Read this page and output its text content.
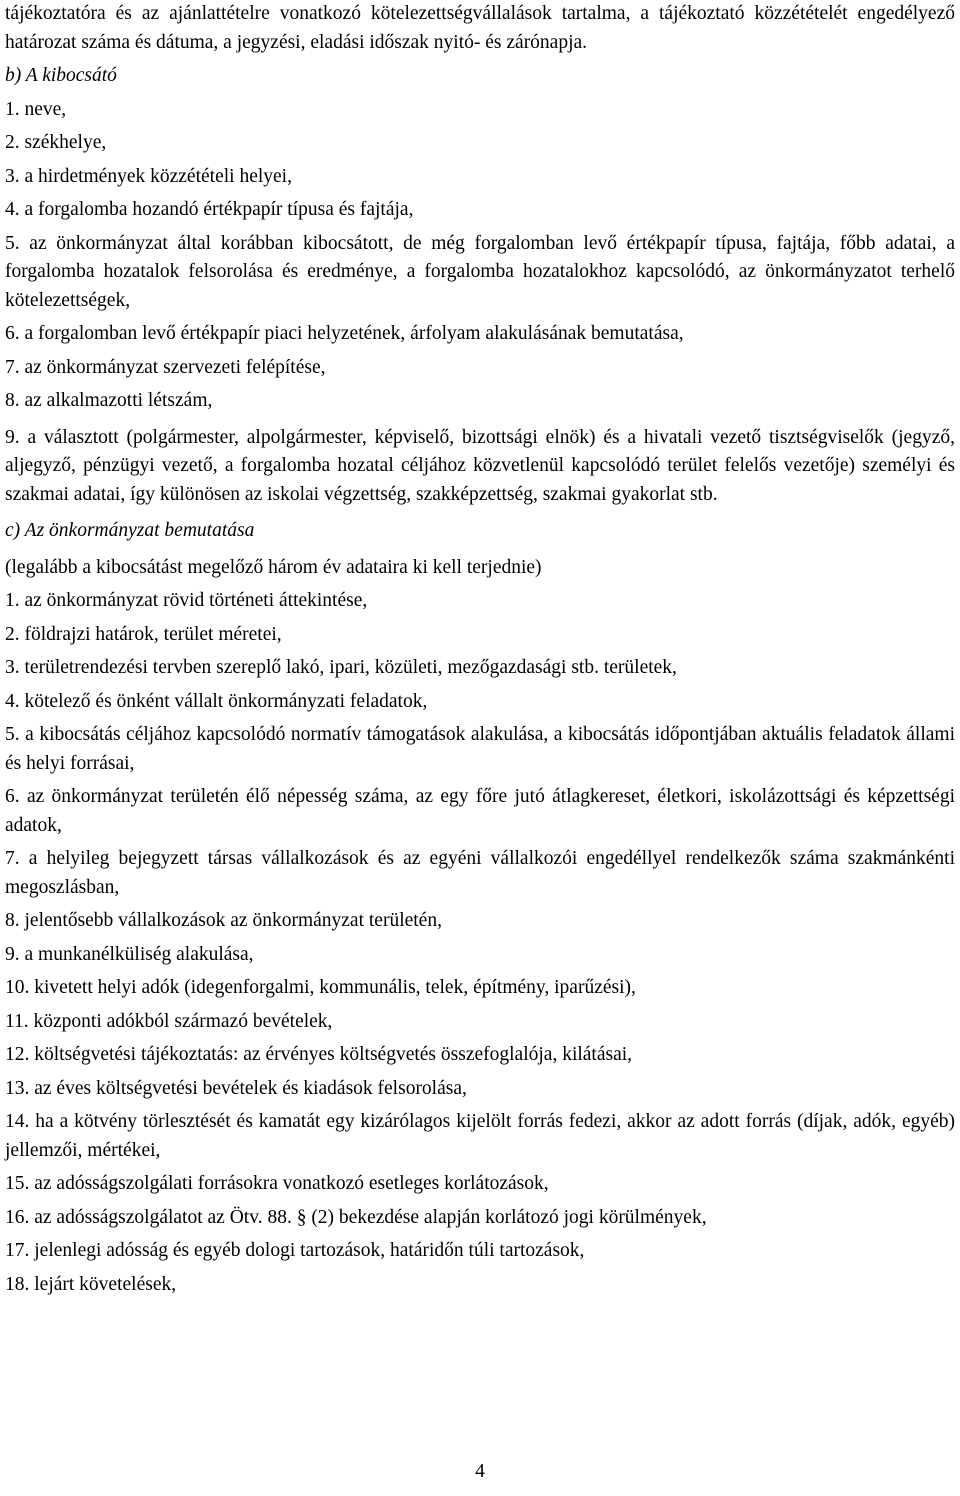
tájékoztatóra és az ajánlattételre vonatkozó kötelezettségvállalások tartalma, a tájékoztató közzétételét engedélyező határozat száma és dátuma, a jegyzési, eladási időszak nyitó- és zárónapja.

b) A kibocsátó

1. neve,

2. székhelye,

3. a hirdetmények közzétételi helyei,

4. a forgalomba hozandó értékpapír típusa és fajtája,

5. az önkormányzat által korábban kibocsátott, de még forgalomban levő értékpapír típusa, fajtája, főbb adatai, a forgalomba hozatalok felsorolása és eredménye, a forgalomba hozatalokhoz kapcsolódó, az önkormányzatot terhelő kötelezettségek,

6. a forgalomban levő értékpapír piaci helyzetének, árfolyam alakulásának bemutatása,

7. az önkormányzat szervezeti felépítése,

8. az alkalmazotti létszám,

9. a választott (polgármester, alpolgármester, képviselő, bizottsági elnök) és a hivatali vezető tisztségviselők (jegyző, aljegyző, pénzügyi vezető, a forgalomba hozatal céljához közvetlenül kapcsolódó terület felelős vezetője) személyi és szakmai adatai, így különösen az iskolai végzettség, szakképzettség, szakmai gyakorlat stb.

c) Az önkormányzat bemutatása

(legalább a kibocsátást megelőző három év adataira ki kell terjednie)

1. az önkormányzat rövid történeti áttekintése,

2. földrajzi határok, terület méretei,

3. területrendezési tervben szereplő lakó, ipari, közületi, mezőgazdasági stb. területek,

4. kötelező és önként vállalt önkormányzati feladatok,

5. a kibocsátás céljához kapcsolódó normatív támogatások alakulása, a kibocsátás időpontjában aktuális feladatok állami és helyi forrásai,

6. az önkormányzat területén élő népesség száma, az egy főre jutó átlagkereset, életkori, iskolázottsági és képzettségi adatok,

7. a helyileg bejegyzett társas vállalkozások és az egyéni vállalkozói engedéllyel rendelkezők száma szakmánkénti megoszlásban,

8. jelentősebb vállalkozások az önkormányzat területén,

9. a munkanélküliség alakulása,

10. kivetett helyi adók (idegenforgalmi, kommunális, telek, építmény, iparűzési),

11. központi adókból származó bevételek,

12. költségvetési tájékoztatás: az érvényes költségvetés összefoglalója, kilátásai,

13. az éves költségvetési bevételek és kiadások felsorolása,

14. ha a kötvény törlesztését és kamatát egy kizárólagos kijelölt forrás fedezi, akkor az adott forrás (díjak, adók, egyéb) jellemzői, mértékei,

15. az adósságszolgálati forrásokra vonatkozó esetleges korlátozások,

16. az adósságszolgálatot az Ötv. 88. § (2) bekezdése alapján korlátozó jogi körülmények,

17. jelenlegi adósság és egyéb dologi tartozások, határidőn túli tartozások,

18. lejárt követelések,

4
